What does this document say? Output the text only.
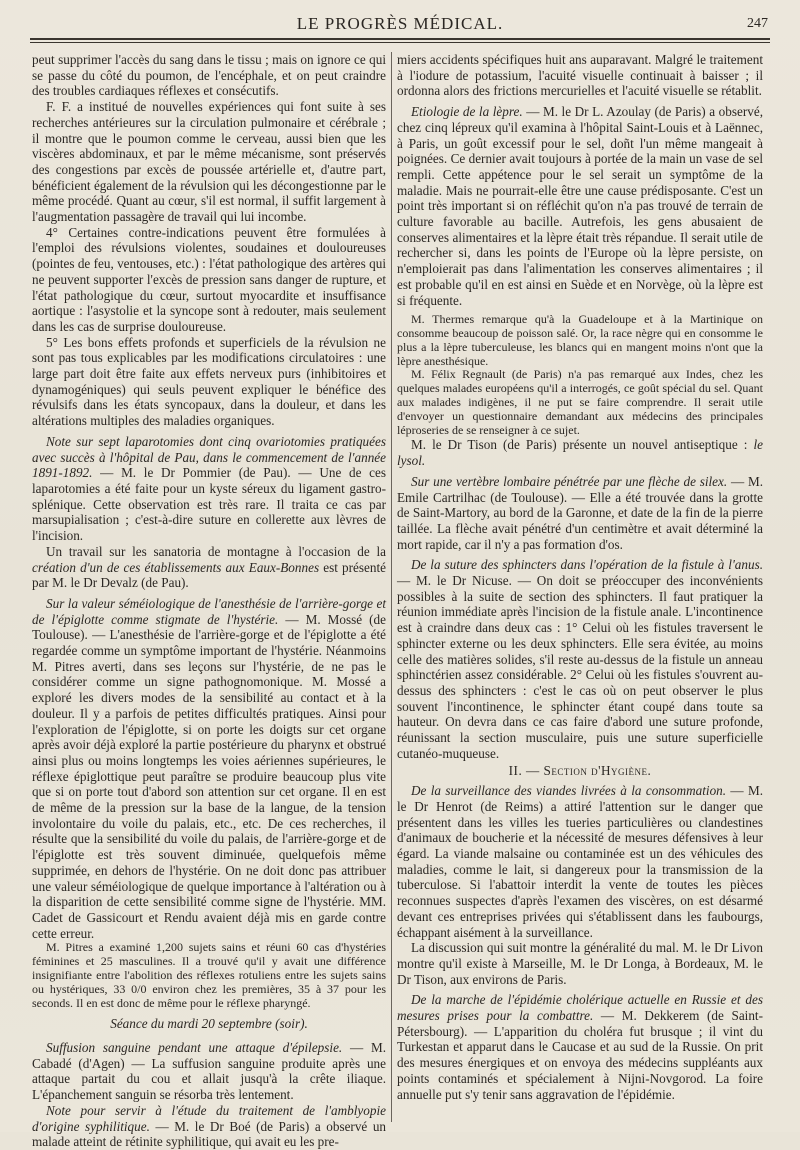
LE PROGRÈS MÉDICAL.	247

peut supprimer l'accès du sang dans le tissu ; mais on ignore ce qui se passe du côté du poumon, de l'encéphale, et on peut craindre des troubles cardiaques réflexes et consécutifs.

F. F. a institué de nouvelles expériences qui font suite à ses recherches antérieures sur la circulation pulmonaire et cérébrale ; il montre que le poumon comme le cerveau, aussi bien que les viscères abdominaux, et par le même mécanisme, sont préservés des congestions par excès de poussée artérielle et, d'autre part, bénéficient également de la révulsion qui les décongestionne par le même procédé. Quant au cœur, s'il est normal, il suffit largement à l'augmentation passagère de travail qui lui incombe.

4° Certaines contre-indications peuvent être formulées à l'emploi des révulsions violentes, soudaines et douloureuses (pointes de feu, ventouses, etc.) : l'état pathologique des artères qui ne peuvent supporter l'excès de pression sans danger de rupture, et l'état pathologique du cœur, surtout myocardite et insuffisance aortique : l'asystolie et la syncope sont à redouter, mais seulement dans les cas de surprise douloureuse.

5° Les bons effets profonds et superficiels de la révulsion ne sont pas tous explicables par les modifications circulatoires : une large part doit être faite aux effets nerveux purs (inhibitoires et dynamogéniques) qui seuls peuvent expliquer le bénéfice des révulsifs dans les états syncopaux, dans la douleur, et dans les altérations multiples des maladies organiques.

Note sur sept laparotomies dont cinq ovariotomies pratiquées avec succès à l'hôpital de Pau, dans le commencement de l'année 1891-1892. — M. le Dr Pommier (de Pau). — Une de ces laparotomies a été faite pour un kyste séreux du ligament gastro-splénique. Cette observation est très rare. Il traita ce cas par marsupialisation ; c'est-à-dire suture en collerette aux lèvres de l'incision.

Un travail sur les sanatoria de montagne à l'occasion de la création d'un de ces établissements aux Eaux-Bonnes est présenté par M. le Dr Devalz (de Pau).

Sur la valeur séméiologique de l'anesthésie de l'arrière-gorge et de l'épiglotte comme stigmate de l'hystérie. — M. Mossé (de Toulouse). — L'anesthésie de l'arrière-gorge et de l'épiglotte a été regardée comme un symptôme important de l'hystérie. Néanmoins M. Pitres averti, dans ses leçons sur l'hystérie, de ne pas le considérer comme un signe pathognomonique. M. Mossé a exploré les divers modes de la sensibilité au contact et à la douleur. Il y a parfois de petites difficultés pratiques. Ainsi pour l'exploration de l'épiglotte, si on porte les doigts sur cet organe après avoir déjà exploré la partie postérieure du pharynx et obstrué ainsi plus ou moins longtemps les voies aériennes supérieures, le réflexe épiglottique peut paraître se produire beaucoup plus vite que si on porte tout d'abord son attention sur cet organe. Il en est de même de la pression sur la base de la langue, de la tension involontaire du voile du palais, etc., etc. De ces recherches, il résulte que la sensibilité du voile du palais, de l'arrière-gorge et de l'épiglotte est très souvent diminuée, quelquefois même supprimée, en dehors de l'hystérie. On ne doit donc pas attribuer une valeur séméiologique de quelque importance à l'altération ou à la disparition de cette sensibilité comme signe de l'hystérie. MM. Cadet de Gassicourt et Rendu avaient déjà mis en garde contre cette erreur.

M. Pitres a examiné 1,200 sujets sains et réuni 60 cas d'hystéries féminines et 25 masculines. Il a trouvé qu'il y avait une différence insignifiante entre l'abolition des réflexes rotuliens entre les sujets sains ou hystériques, 33 0/0 environ chez les premières, 35 à 37 pour les seconds. Il en est donc de même pour le réflexe pharyngé.

Séance du mardi 20 septembre (soir).

Suffusion sanguine pendant une attaque d'épilepsie. — M. Cabadé (d'Agen) — La suffusion sanguine produite après une attaque partait du cou et allait jusqu'à la crête iliaque. L'épanchement sanguin se résorba très lentement.

Note pour servir à l'étude du traitement de l'amblyopie d'origine syphilitique. — M. le Dr Boé (de Paris) a observé un malade atteint de rétinite syphilitique, qui avait eu les pre-

miers accidents spécifiques huit ans auparavant. Malgré le traitement à l'iodure de potassium, l'acuité visuelle continuait à baisser ; il ordonna alors des frictions mercurielles et l'acuité visuelle se rétablit.

Etiologie de la lèpre. — M. le Dr L. Azoulay (de Paris) a observé, chez cinq lépreux qu'il examina à l'hôpital Saint-Louis et à Laënnec, à Paris, un goût excessif pour le sel, doñt l'un même mangeait à poignées. Ce dernier avait toujours à portée de la main un vase de sel rempli. Cette appétence pour le sel serait un symptôme de la maladie. Mais ne pourrait-elle être une cause prédisposante. C'est un point très important si on réfléchit qu'on n'a pas trouvé de terrain de culture favorable au bacille. Autrefois, les gens abusaient de conserves alimentaires et la lèpre était très répandue. Il serait utile de rechercher si, dans les points de l'Europe où la lèpre persiste, on n'emploierait pas dans l'alimentation les conserves alimentaires ; il est probable qu'il en est ainsi en Suède et en Norvège, où la lèpre est si fréquente.

M. Thermes remarque qu'à la Guadeloupe et à la Martinique on consomme beaucoup de poisson salé. Or, la race nègre qui en consomme le plus a la lèpre tuberculeuse, les blancs qui en mangent moins n'ont que la lèpre anesthésique.

M. Félix Regnault (de Paris) n'a pas remarqué aux Indes, chez les quelques malades européens qu'il a interrogés, ce goût spécial du sel. Quant aux malades indigènes, il ne put se faire comprendre. Il serait utile d'envoyer un questionnaire demandant aux médecins des principales léproseries de se renseigner à ce sujet.

M. le Dr Tison (de Paris) présente un nouvel antiseptique : le lysol.

Sur une vertèbre lombaire pénétrée par une flèche de silex. — M. Emile Cartrilhac (de Toulouse). — Elle a été trouvée dans la grotte de Saint-Martory, au bord de la Garonne, et date de la fin de la pierre taillée. La flèche avait pénétré d'un centimètre et avait déterminé la mort rapide, car il n'y a pas formation d'os.

De la suture des sphincters dans l'opération de la fistule à l'anus. — M. le Dr Nicuse. — On doit se préoccuper des inconvénients possibles à la suite de section des sphincters. Il faut pratiquer la réunion immédiate après l'incision de la fistule anale. L'incontinence est à craindre dans deux cas : 1° Celui où les fistules traversent le sphincter externe ou les deux sphincters. Elle sera évitée, au moins celle des matières solides, s'il reste au-dessus de la fistule un anneau sphinctérien assez considérable. 2° Celui où les fistules s'ouvrent au-dessus des sphincters : c'est le cas où on peut observer le plus souvent l'incontinence, le sphincter étant coupé dans toute sa hauteur. On devra dans ce cas faire d'abord une suture profonde, réunissant la section musculaire, puis une suture superficielle cutanéo-muqueuse.

II. — Section d'Hygiène.

De la surveillance des viandes livrées à la consommation. — M. le Dr Henrot (de Reims) a attiré l'attention sur le danger que présentent dans les villes les tueries particulières ou clandestines d'animaux de boucherie et la nécessité de mesures défensives à leur égard. La viande malsaine ou contaminée est un des véhicules des maladies, comme le lait, si dangereux pour la transmission de la tuberculose. Si l'abattoir interdit la vente de toutes les pièces reconnues suspectes d'après l'examen des viscères, on est désarmé devant ces entreprises privées qui s'établissent dans les faubourgs, échappant aisément à la surveillance.

La discussion qui suit montre la généralité du mal. M. le Dr Livon montre qu'il existe à Marseille, M. le Dr Longa, à Bordeaux, M. le Dr Tison, aux environs de Paris.

De la marche de l'épidémie cholérique actuelle en Russie et des mesures prises pour la combattre. — M. Dekkerem (de Saint-Pétersbourg). — L'apparition du choléra fut brusque ; il vint du Turkestan et apparut dans le Caucase et au sud de la Russie. On prit des mesures énergiques et on envoya des médecins suppléants aux points contaminés et spécialement à Nijni-Novgorod. La foire annuelle put s'y tenir sans aggravation de l'épidémie.
